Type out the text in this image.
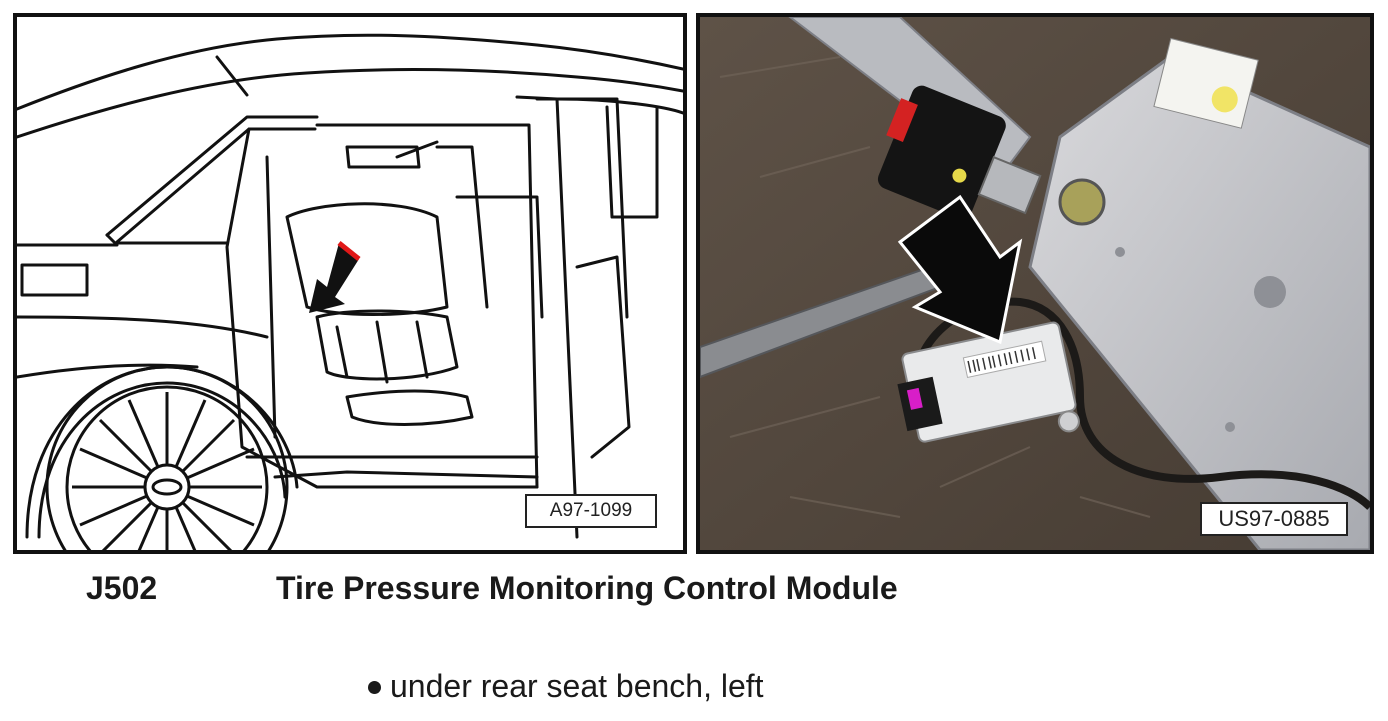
A97-1099	US97-0885
J502	Tire Pressure Monitoring Control Module
under rear seat bench, left
